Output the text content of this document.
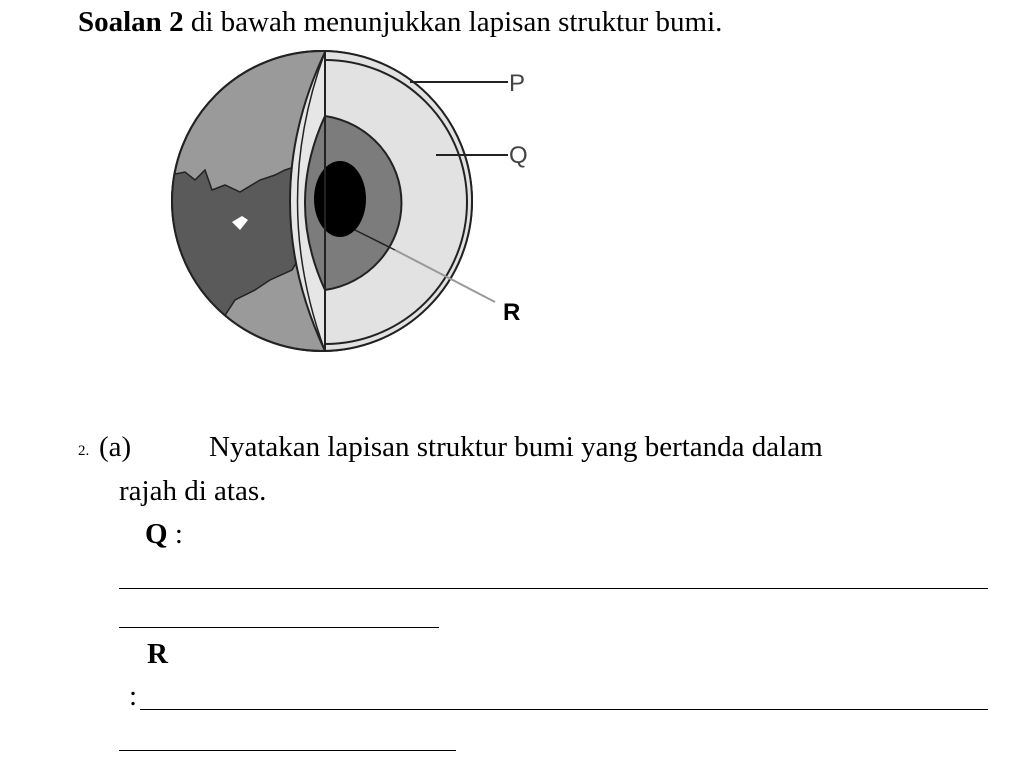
Soalan 2 di bawah menunjukkan lapisan struktur bumi.
P
Q
R
2. (a)	Nyatakan lapisan struktur bumi yang bertanda dalam
rajah di atas.
Q :
R
:
